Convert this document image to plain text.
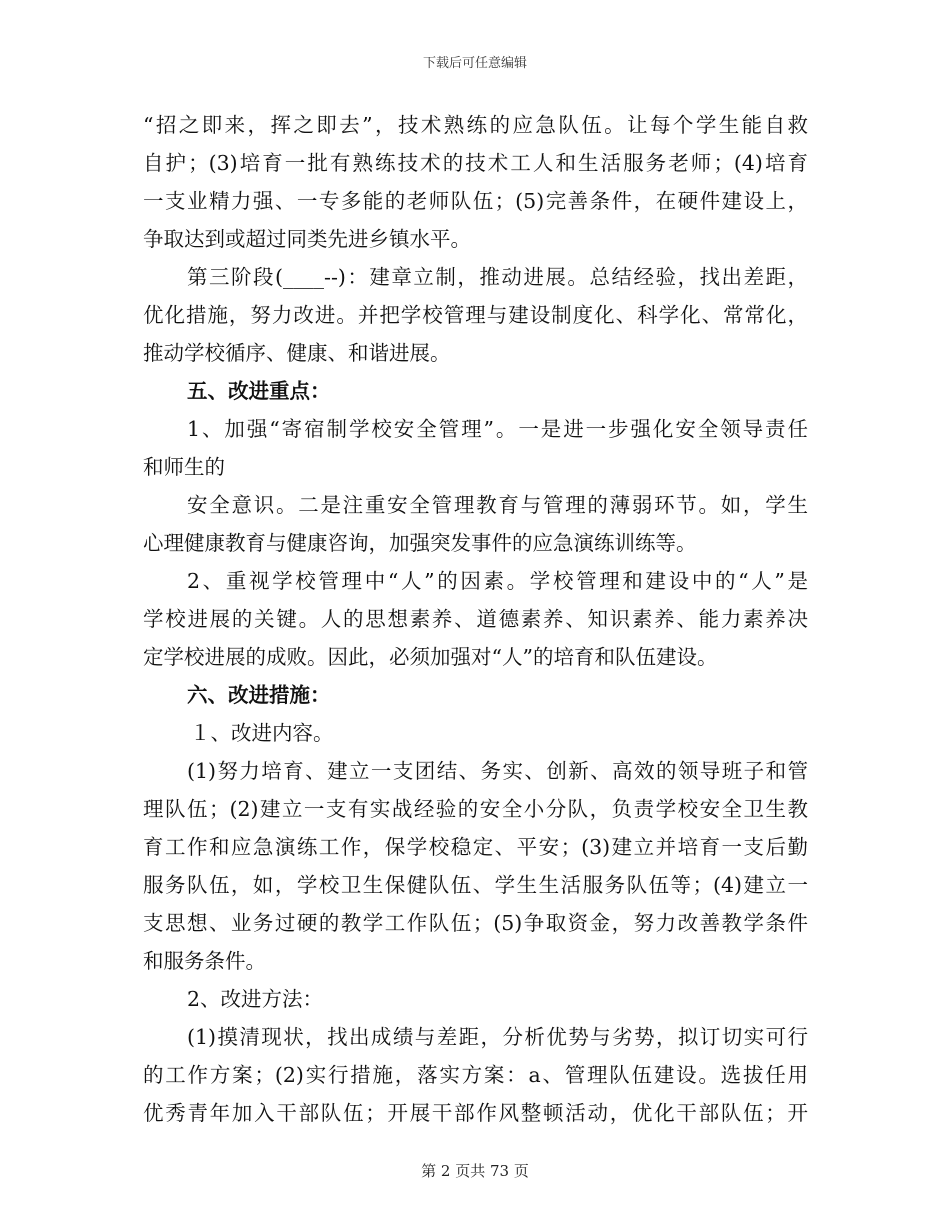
下载后可任意编辑
“招之即来，挥之即去”，技术熟练的应急队伍。让每个学生能自救
自护；(3)培育一批有熟练技术的技术工人和生活服务老师；(4)培育
一支业精力强、一专多能的老师队伍；(5)完善条件，在硬件建设上，
争取达到或超过同类先进乡镇水平。
第三阶段(____--)：建章立制，推动进展。总结经验，找出差距，
优化措施，努力改进。并把学校管理与建设制度化、科学化、常常化，
推动学校循序、健康、和谐进展。
五、改进重点：
1、加强“寄宿制学校安全管理”。一是进一步强化安全领导责任
和师生的
安全意识。二是注重安全管理教育与管理的薄弱环节。如，学生
心理健康教育与健康咨询，加强突发事件的应急演练训练等。
2、重视学校管理中“人”的因素。学校管理和建设中的“人”是
学校进展的关键。人的思想素养、道德素养、知识素养、能力素养决
定学校进展的成败。因此，必须加强对“人”的培育和队伍建设。
六、改进措施：
１、改进内容。
(1)努力培育、建立一支团结、务实、创新、高效的领导班子和管
理队伍；(2)建立一支有实战经验的安全小分队，负责学校安全卫生教
育工作和应急演练工作，保学校稳定、平安；(3)建立并培育一支后勤
服务队伍，如，学校卫生保健队伍、学生生活服务队伍等；(4)建立一
支思想、业务过硬的教学工作队伍；(5)争取资金，努力改善教学条件
和服务条件。
2、改进方法：
(1)摸清现状，找出成绩与差距，分析优势与劣势，拟订切实可行
的工作方案；(2)实行措施，落实方案：a、管理队伍建设。选拔任用
优秀青年加入干部队伍；开展干部作风整顿活动，优化干部队伍；开
第 2 页共 73 页
